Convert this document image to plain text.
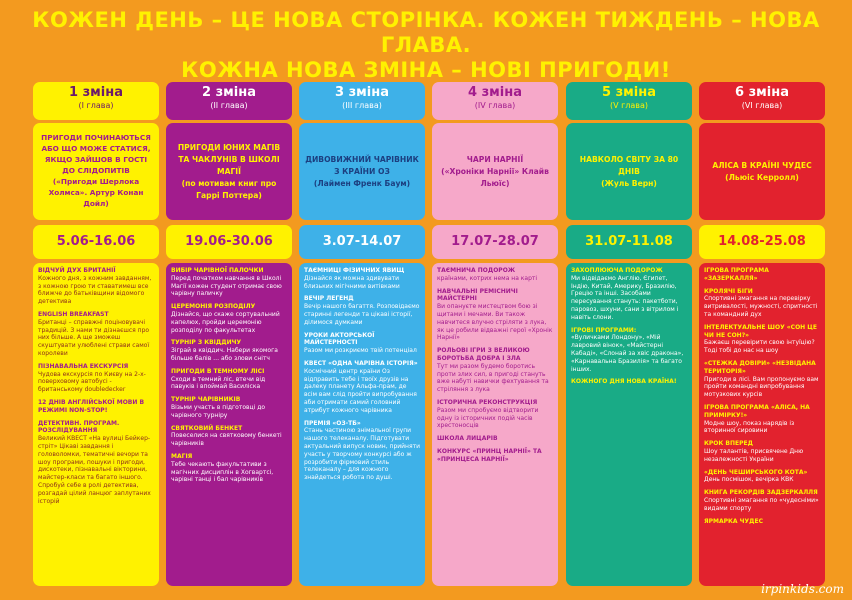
КОЖЕН ДЕНЬ – ЦЕ НОВА СТОРІНКА. КОЖЕН ТИЖДЕНЬ – НОВА ГЛАВА.
КОЖНА НОВА ЗМІНА – НОВІ ПРИГОДИ!
1 зміна
(І глава)
ПРИГОДИ ПОЧИНАЮТЬСЯ АБО ЩО МОЖЕ СТАТИСЯ, ЯКЩО ЗАЙШОВ В ГОСТІ ДО СЛІДОПИТІВ
(«Пригоди Шерлока Холмса». Артур Конан Дойл)
5.06-16.06
ВІДЧУЙ ДУХ БРИТАНІЇ
Кожного дня, з кожним завданням, з кожною грою ти ставатимеш все ближче до батьківщини відомого детектива
ENGLISH BREAKFAST
Британці – справжні поціновувачі традицій. З нами ти дізнаєшся про них більше. А ще зможеш скуштувати улюблені страви самої королеви
ПІЗНАВАЛЬНА ЕКСКУРСІЯ
Чудова екскурсія по Києву на 2-х-поверховому автобусі - британському doubledecker
12 ДНІВ АНГЛІЙСЬКОЇ МОВИ В РЕЖИМІ NON-STOP!
ДЕТЕКТИВН. ПРОГРАМ. РОЗСЛІДУВАННЯ
Великий КВЕСТ «На вулиці Бейкер-стріт» Цікаві завдання і головоломки, тематичні вечори та шоу програми, пошуки і пригоди, дискотеки, пізнавальні вікторини, майстер-класи та багато іншого. Спробуй себе в ролі детектива, розгадай цілий ланцюг заплутаних історій
2 зміна
(ІІ глава)
ПРИГОДИ ЮНИХ МАГІВ ТА ЧАКЛУНІВ В ШКОЛІ МАГІЇ
(по мотивам книг про Гаррі Поттера)
19.06-30.06
ВИБІР ЧАРІВНОЇ ПАЛОЧКИ
Перед початком навчання в Школі Магії кожен студент отримає свою чарівну паличку
ЦЕРЕМОНІЯ РОЗПОДІЛУ
Дізнайся, що скаже сортувальний капелюх, пройди церемонію розподілу по факультетах
ТУРНІР З КВІДДИЧУ
Зіграй в квіддич. Набери якомога більше балів … або злови снітч
ПРИГОДИ В ТЕМНОМУ ЛІСІ
Сходи в темний ліс, втечи від павуків і впоймай Василіска
ТУРНІР ЧАРІВНИКІВ
Візьми участь в підготовці до чарівного турніру
СВЯТКОВИЙ БЕНКЕТ
Повеселися на святковому бенкеті чарівників
МАГІЯ
Тебе чекають факультативи з магічних дисциплін в Хогвартсі, чарівні танці і бал чарівників
3 зміна
(ІІІ глава)
ДИВОВИЖНИЙ ЧАРІВНИК З КРАЇНИ ОЗ
(Лаймен Френк Баум)
3.07-14.07
ТАЄМНИЦІ ФІЗИЧНИХ ЯВИЩ
Дізнайся як можна здивувати близьких мігічними витівками
ВЕЧІР ЛЕГЕНД
Вечір нашого багаття. Розповідаємо старинні легенди та цікаві історії, ділимося думками
УРОКИ АКТОРСЬКОЇ МАЙСТЕРНОСТІ
Разом ми розкриємо твій потенціал
КВЕСТ «ОДНА ЧАРІВНА ІСТОРІЯ»
Космічний центр країни Оз відправить тебе і твоїх друзів на далеку планету Альфа-прам, де всім вам слід пройти випробування аби отримати самий головний атрибут кожного чарівника
ПРЕМІЯ «ОЗ-ТБ»
Стань частиною знімальної групи нашого телеканалу. Підготувати актуальний випуск новин, прийняти участь у творчому конкурсі або ж розробити фірмовий стиль телеканалу – для кожного знайдеться робота по душі.
4 зміна
(ІV глава)
ЧАРИ НАРНІЇ
(«Хроніки Нарнії» Клайв Льюїс)
17.07-28.07
ТАЄМНИЧА ПОДОРОЖ
країнами, котрих нема на карті
НАВЧАЛЬНІ РЕМІСНИЧІ МАЙСТЕРНІ
Ви опануєте мистецтвом бою зі щитами і мечами. Ви також навчитеся влучно стріляти з лука, як це робили відважні герої «Хронік Нарнії»
РОЛЬОВІ ІГРИ З ВЕЛИКОЮ БОРОТЬБА ДОБРА І ЗЛА
Тут ми разом будемо боротись проти злих сил, в пригоді стануть вже набуті навички фехтування та стріляння з лука
ІСТОРИЧНА РЕКОНСТРУКЦІЯ
Разом ми спробуємо відтворити одну із історичних подій часів хрестоносців
ШКОЛА ЛИЦАРІВ
КОНКУРС «ПРИНЦ НАРНІЇ» ТА «ПРИНЦЕСА НАРНІЇ»
5 зміна
(V глава)
НАВКОЛО СВІТУ ЗА 80 ДНІВ
(Жуль Верн)
31.07-11.08
ЗАХОПЛЮЮЧА ПОДОРОЖ
Ми відвідаємо Англію, Єгипет, Індію, Китай, Америку, Бразилію, Грецію та інші. Засобами пересування стануть: пакетботи, паровоз, шхуни, сани з вітрилом і навіть слони.
ІГРОВІ ПРОГРАМИ:
«Вуличками Лондону», «Мій лавровий вінок», «Майстерні Кабаді», «Слонай за хвіс дракона», «Карнавальна Бразилія» та багато інших.
КОЖНОГО ДНЯ НОВА КРАЇНА!
6 зміна
(VІ глава)
АЛІСА В КРАЇНІ ЧУДЕС
(Льюіс Керролл)
14.08-25.08
ІГРОВА ПРОГРАМА «ЗАЗЕРКАЛЛЯ»
КРОЛЯЧІ БІГИ
Спортивні змагання на перевірку витривалості, мужності, спритності та командний дух
ІНТЕЛЕКТУАЛЬНЕ ШОУ «СОН ЦЕ ЧИ НЕ СОН?»
Бажаєш перевірити свою інтуїцію? Тоді тобі до нас на шоу
«СТЕЖКА ДОВІРИ» «НЕЗВІДАНА ТЕРИТОРІЯ»
Пригоди в лісі. Вам пропонуємо вам пройти командні випробування мотузкових курсів
ІГРОВА ПРОГРАМА «АЛІСА, НА ПРИМІРКУ!»
Модне шоу, показ нарядів із вторинної сировини
КРОК ВПЕРЕД
Шоу талантів, присвячене Дню незалежності України
«ДЕНЬ ЧЕШИРСЬКОГО КОТА»
День посмішок, вечірка КВК
КНИГА РЕКОРДІВ ЗАДЗЕРКАЛЛЯ
Спортивні змагання по «чудесніми» видами спорту
ЯРМАРКА ЧУДЕС
irpinkids.com
